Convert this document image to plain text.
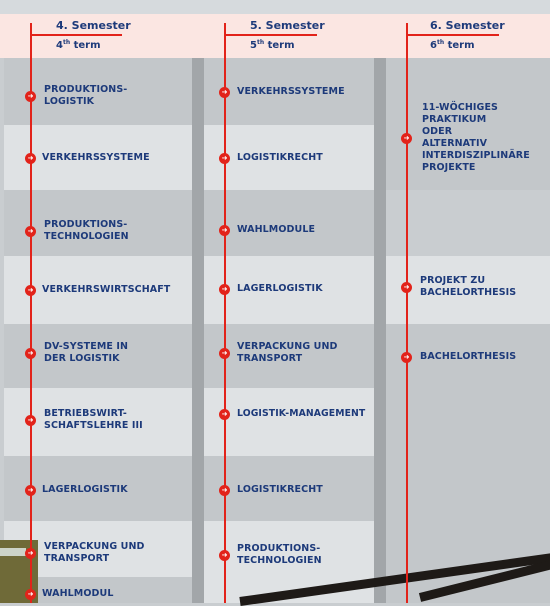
4. Semester
4th term
5. Semester
5th term
6. Semester
6th term
➜
PRODUKTIONS-
LOGISTIK
➜ VERKEHRSSYSTEME
➜
PRODUKTIONS-
TECHNOLOGIEN
➜ VERKEHRSWIRTSCHAFT
➜
DV-SYSTEME IN
DER LOGISTIK
➜
BETRIEBSWIRT-
SCHAFTSLEHRE III
➜ LAGERLOGISTIK
➜
VERPACKUNG UND
TRANSPORT
➜ WAHLMODUL
➜ VERKEHRSSYSTEME
➜ LOGISTIKRECHT
➜ WAHLMODULE
➜ LAGERLOGISTIK
➜
VERPACKUNG UND
TRANSPORT
➜ LOGISTIK-MANAGEMENT
➜ LOGISTIKRECHT
➜
PRODUKTIONS-
TECHNOLOGIEN
➜
11-WÖCHIGES
PRAKTIKUM
ODER
ALTERNATIV
INTERDISZIPLINÄRE
PROJEKTE
➜
PROJEKT ZU
BACHELORTHESIS
➜ BACHELORTHESIS
